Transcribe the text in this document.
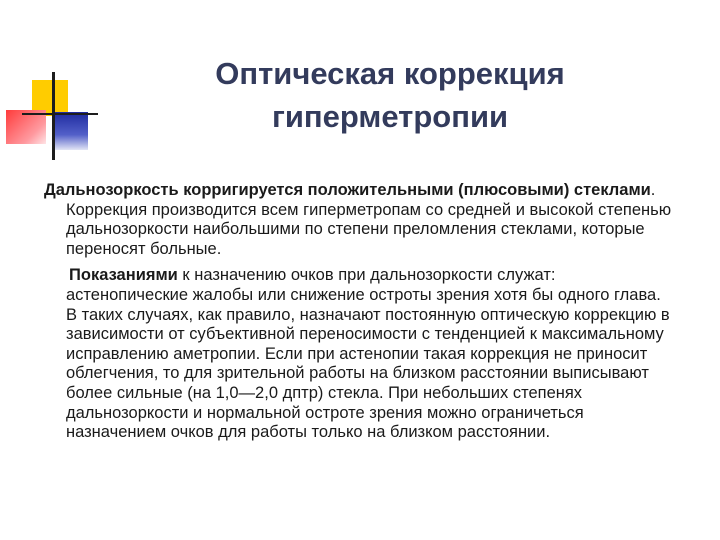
Оптическая коррекция
гиперметропии

Дальнозоркость корригируется положительными (плюсовыми) стеклами. Коррекция производится всем гиперметропам со средней и высокой степенью дальнозоркости наибольшими по степени преломления стеклами, которые переносят больные.

Показаниями к назначению очков при дальнозоркости служат: астенопические жалобы или снижение остроты зрения хотя бы одного глава. В таких случаях, как правило, назначают постоянную оптическую коррекцию в зависимости от субъективной переносимости с тенденцией к максимальному исправлению аметропии. Если при астенопии такая коррекция не приносит облегчения, то для зрительной работы на близком расстоянии выписывают более сильные (на 1,0—2,0 дптр) стекла. При небольших степенях дальнозоркости и нормальной остроте зрения можно ограничеться назначением очков для работы только на близком расстоянии.
